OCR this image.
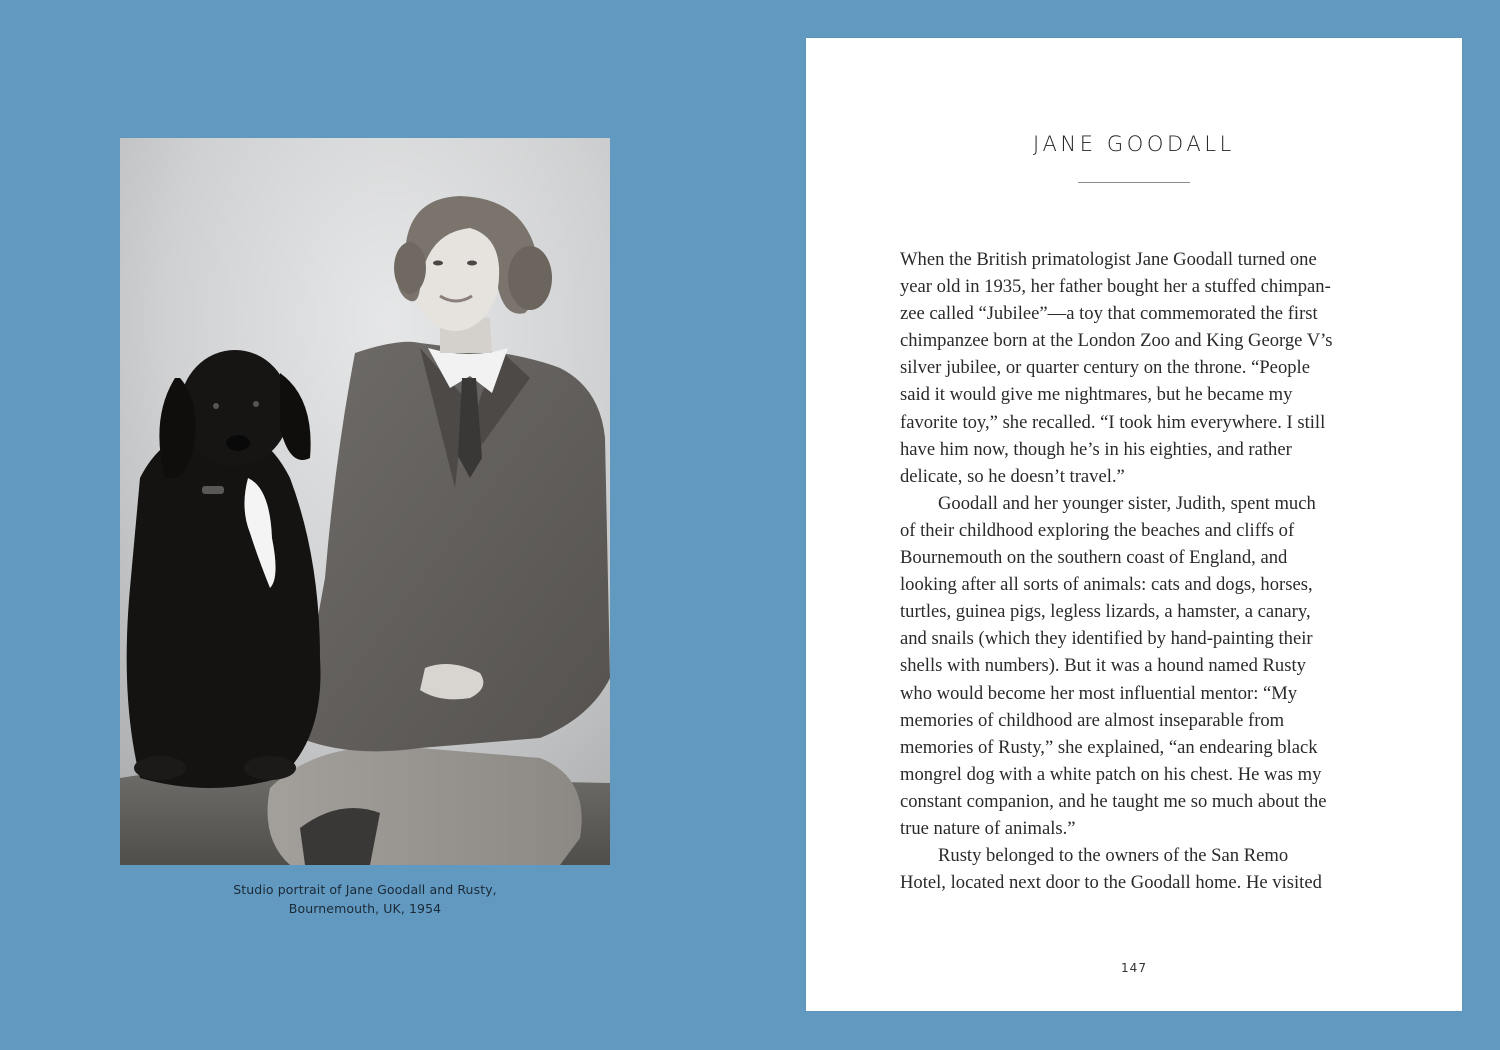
Studio portrait of Jane Goodall and Rusty,
Bournemouth, UK, 1954
JANE GOODALL
When the British primatologist Jane Goodall turned one
year old in 1935, her father bought her a stuffed chimpan-
zee called “Jubilee”—a toy that commemorated the first
chimpanzee born at the London Zoo and King George V’s
silver jubilee, or quarter century on the throne. “People
said it would give me nightmares, but he became my
favorite toy,” she recalled. “I took him everywhere. I still
have him now, though he’s in his eighties, and rather
delicate, so he doesn’t travel.”
Goodall and her younger sister, Judith, spent much
of their childhood exploring the beaches and cliffs of
Bournemouth on the southern coast of England, and
looking after all sorts of animals: cats and dogs, horses,
turtles, guinea pigs, legless lizards, a hamster, a canary,
and snails (which they identified by hand-painting their
shells with numbers). But it was a hound named Rusty
who would become her most influential mentor: “My
memories of childhood are almost inseparable from
memories of Rusty,” she explained, “an endearing black
mongrel dog with a white patch on his chest. He was my
constant companion, and he taught me so much about the
true nature of animals.”
Rusty belonged to the owners of the San Remo
Hotel, located next door to the Goodall home. He visited
147
